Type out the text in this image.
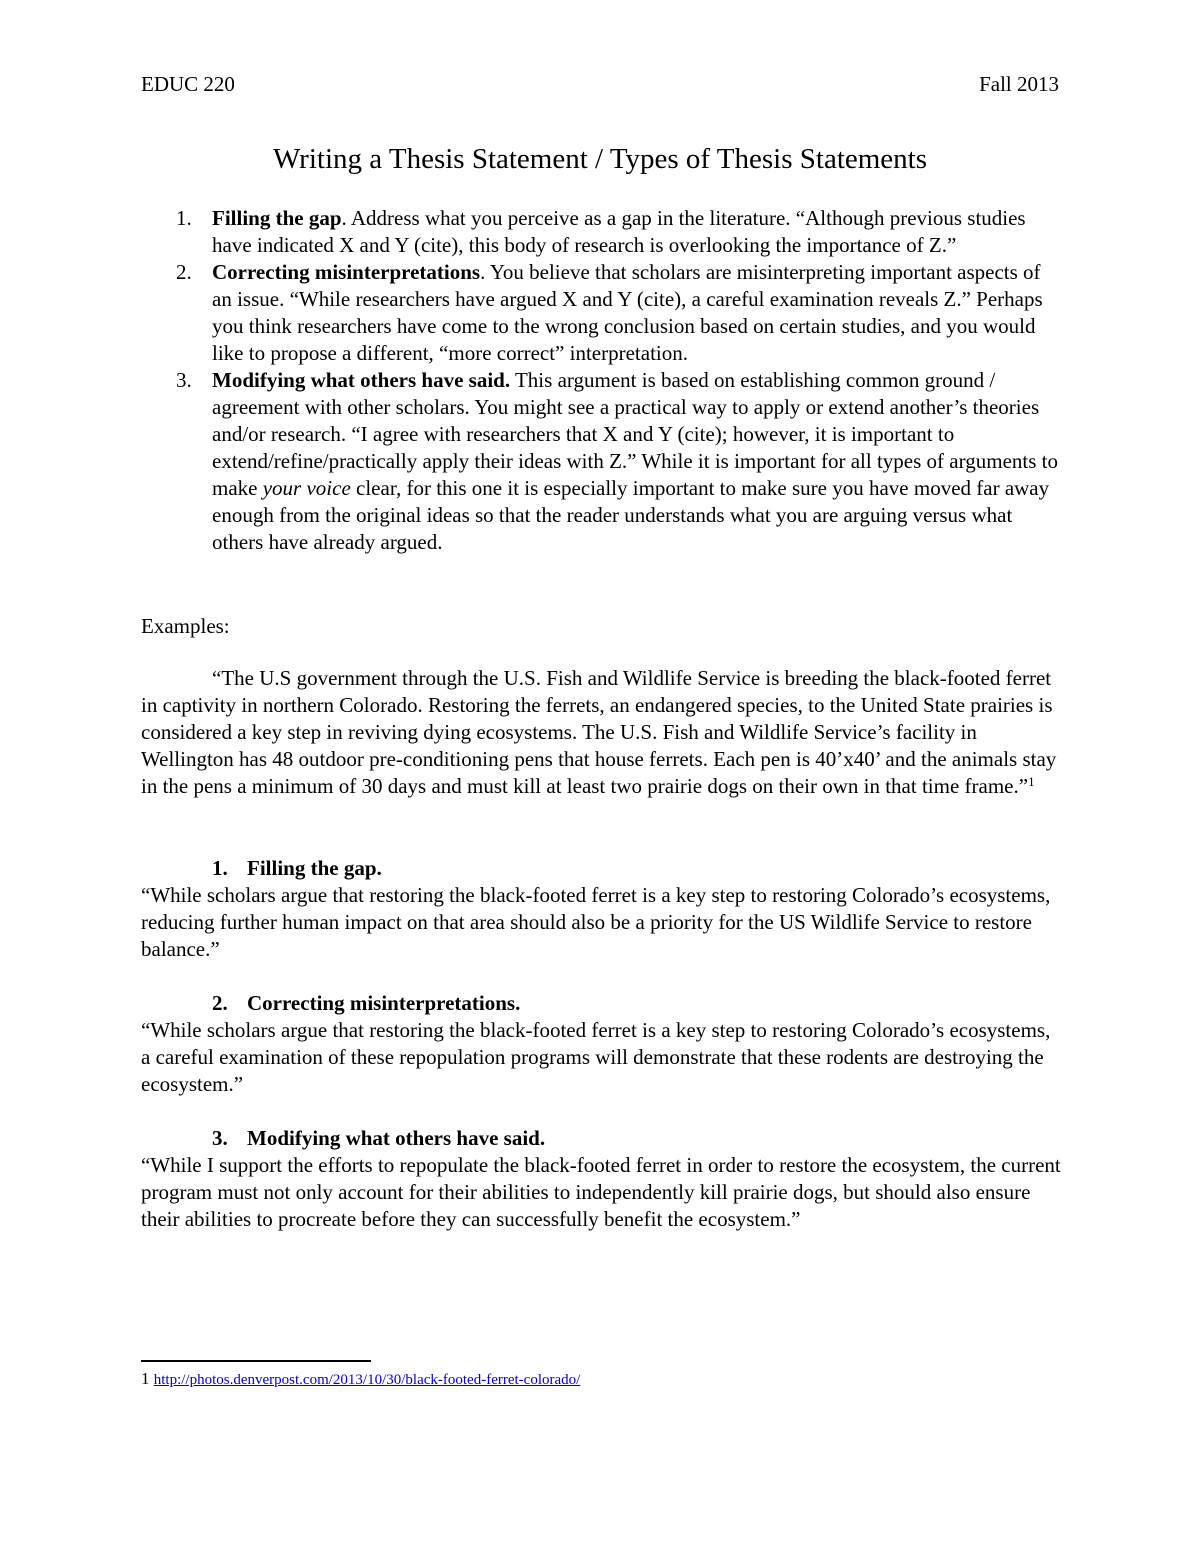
EDUC 220	Fall 2013
Writing a Thesis Statement / Types of Thesis Statements
1. Filling the gap. Address what you perceive as a gap in the literature. “Although previous studies have indicated X and Y (cite), this body of research is overlooking the importance of Z.”
2. Correcting misinterpretations. You believe that scholars are misinterpreting important aspects of an issue. “While researchers have argued X and Y (cite), a careful examination reveals Z.” Perhaps you think researchers have come to the wrong conclusion based on certain studies, and you would like to propose a different, “more correct” interpretation.
3. Modifying what others have said. This argument is based on establishing common ground / agreement with other scholars. You might see a practical way to apply or extend another’s theories and/or research. “I agree with researchers that X and Y (cite); however, it is important to extend/refine/practically apply their ideas with Z.” While it is important for all types of arguments to make your voice clear, for this one it is especially important to make sure you have moved far away enough from the original ideas so that the reader understands what you are arguing versus what others have already argued.
Examples:
“The U.S government through the U.S. Fish and Wildlife Service is breeding the black-footed ferret in captivity in northern Colorado. Restoring the ferrets, an endangered species, to the United State prairies is considered a key step in reviving dying ecosystems. The U.S. Fish and Wildlife Service’s facility in Wellington has 48 outdoor pre-conditioning pens that house ferrets. Each pen is 40’x40’ and the animals stay in the pens a minimum of 30 days and must kill at least two prairie dogs on their own in that time frame.”$^1$
1. Filling the gap.
“While scholars argue that restoring the black-footed ferret is a key step to restoring Colorado’s ecosystems, reducing further human impact on that area should also be a priority for the US Wildlife Service to restore balance.”
2. Correcting misinterpretations.
“While scholars argue that restoring the black-footed ferret is a key step to restoring Colorado’s ecosystems, a careful examination of these repopulation programs will demonstrate that these rodents are destroying the ecosystem.”
3. Modifying what others have said.
“While I support the efforts to repopulate the black-footed ferret in order to restore the ecosystem, the current program must not only account for their abilities to independently kill prairie dogs, but should also ensure their abilities to procreate before they can successfully benefit the ecosystem.”
1 http://photos.denverpost.com/2013/10/30/black-footed-ferret-colorado/
